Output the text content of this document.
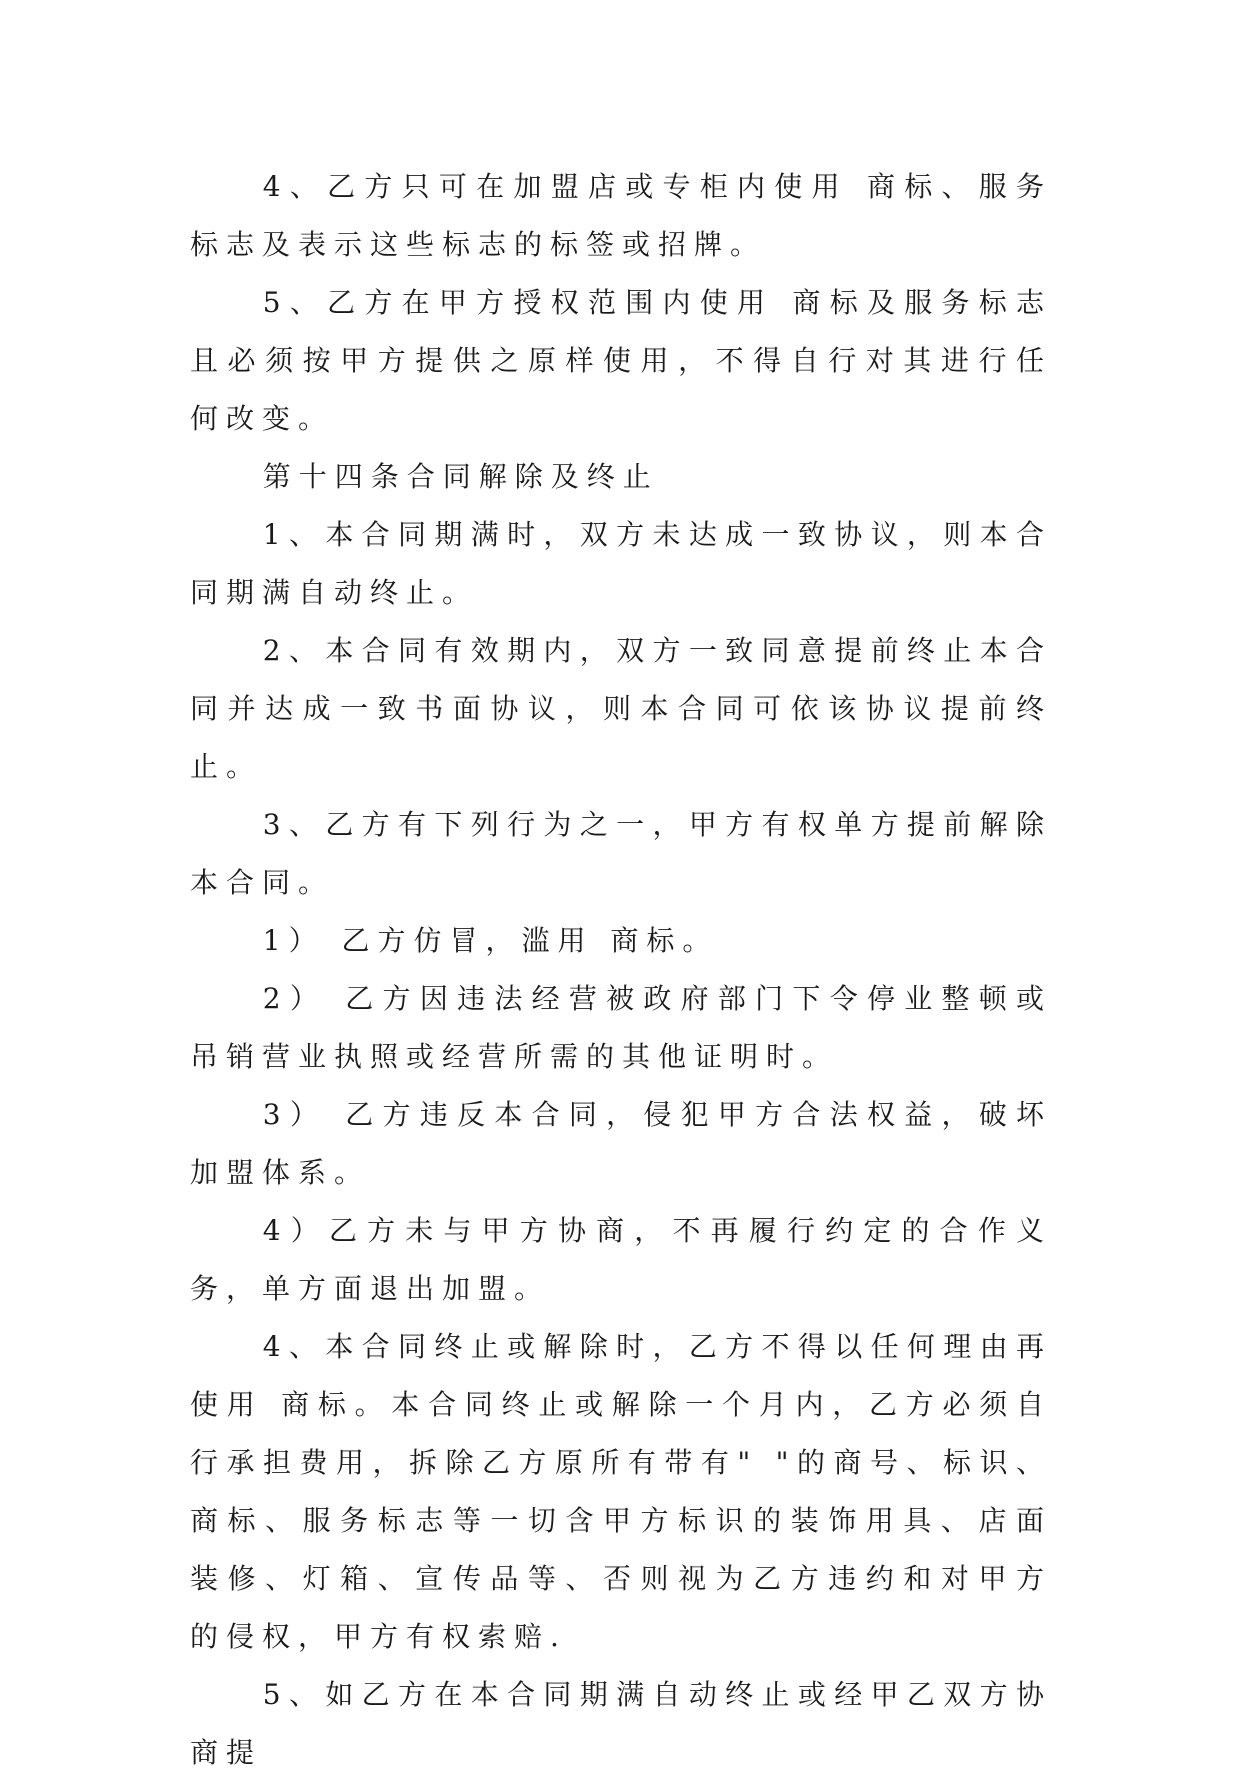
4、乙方只可在加盟店或专柜内使用 商标、服务标志及表示这些标志的标签或招牌。

5、乙方在甲方授权范围内使用 商标及服务标志且必须按甲方提供之原样使用，不得自行对其进行任何改变。

第十四条合同解除及终止

1、本合同期满时，双方未达成一致协议，则本合同期满自动终止。

2、本合同有效期内，双方一致同意提前终止本合同并达成一致书面协议，则本合同可依该协议提前终止。

3、乙方有下列行为之一，甲方有权单方提前解除本合同。

1） 乙方仿冒，滥用 商标。

2） 乙方因违法经营被政府部门下令停业整顿或吊销营业执照或经营所需的其他证明时。

3） 乙方违反本合同，侵犯甲方合法权益，破坏加盟体系。

4）乙方未与甲方协商，不再履行约定的合作义务，单方面退出加盟。

4、本合同终止或解除时，乙方不得以任何理由再使用 商标。本合同终止或解除一个月内，乙方必须自行承担费用，拆除乙方原所有带有" "的商号、标识、商标、服务标志等一切含甲方标识的装饰用具、店面装修、灯箱、宣传品等、否则视为乙方违约和对甲方的侵权，甲方有权索赔.

5、如乙方在本合同期满自动终止或经甲乙双方协商提
